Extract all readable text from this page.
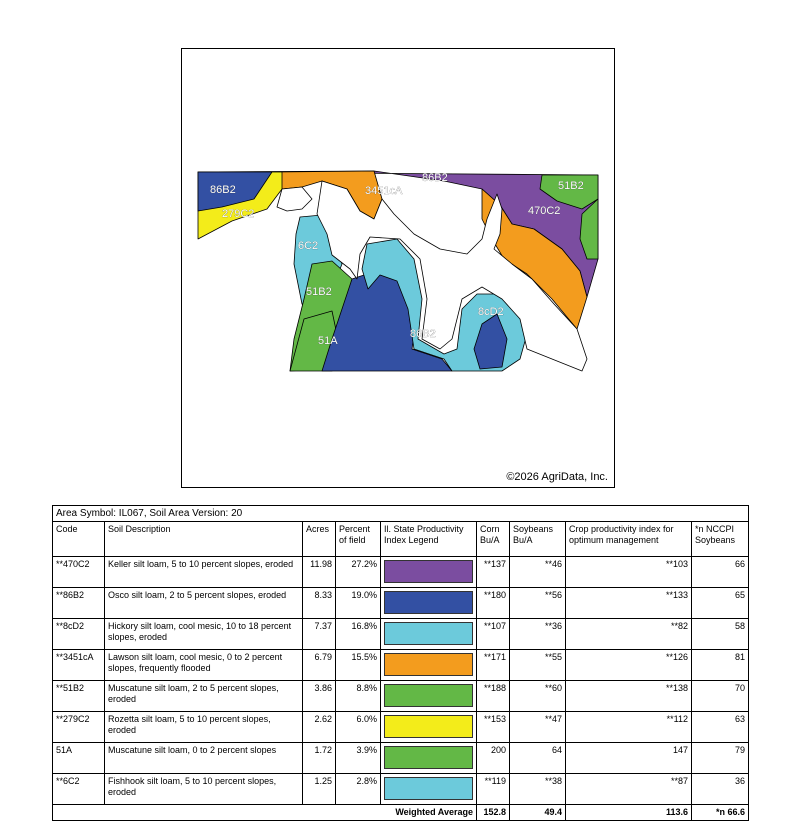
86B2
279C2
3451cA
86B2
51B2
470C2
6C2
51B2
51A
86B2
8cD2
©2026 AgriData, Inc.
Area Symbol: IL067, Soil Area Version: 20								
Code	Soil Description	Acres	Percent of field	Il. State Productivity Index Legend	Corn Bu/A	Soybeans Bu/A	Crop productivity index for optimum management	*n NCCPI Soybeans
**470C2	Keller silt loam, 5 to 10 percent slopes, eroded	11.98	27.2%		**137	**46	**103	66
**86B2	Osco silt loam, 2 to 5 percent slopes, eroded	8.33	19.0%		**180	**56	**133	65
**8cD2	Hickory silt loam, cool mesic, 10 to 18 percent slopes, eroded	7.37	16.8%		**107	**36	**82	58
**3451cA	Lawson silt loam, cool mesic, 0 to 2 percent slopes, frequently flooded	6.79	15.5%		**171	**55	**126	81
**51B2	Muscatune silt loam, 2 to 5 percent slopes, eroded	3.86	8.8%		**188	**60	**138	70
**279C2	Rozetta silt loam, 5 to 10 percent slopes, eroded	2.62	6.0%		**153	**47	**112	63
51A	Muscatune silt loam, 0 to 2 percent slopes	1.72	3.9%		200	64	147	79
**6C2	Fishhook silt loam, 5 to 10 percent slopes, eroded	1.25	2.8%		**119	**38	**87	36
Weighted Average					152.8	49.4	113.6	*n 66.6
